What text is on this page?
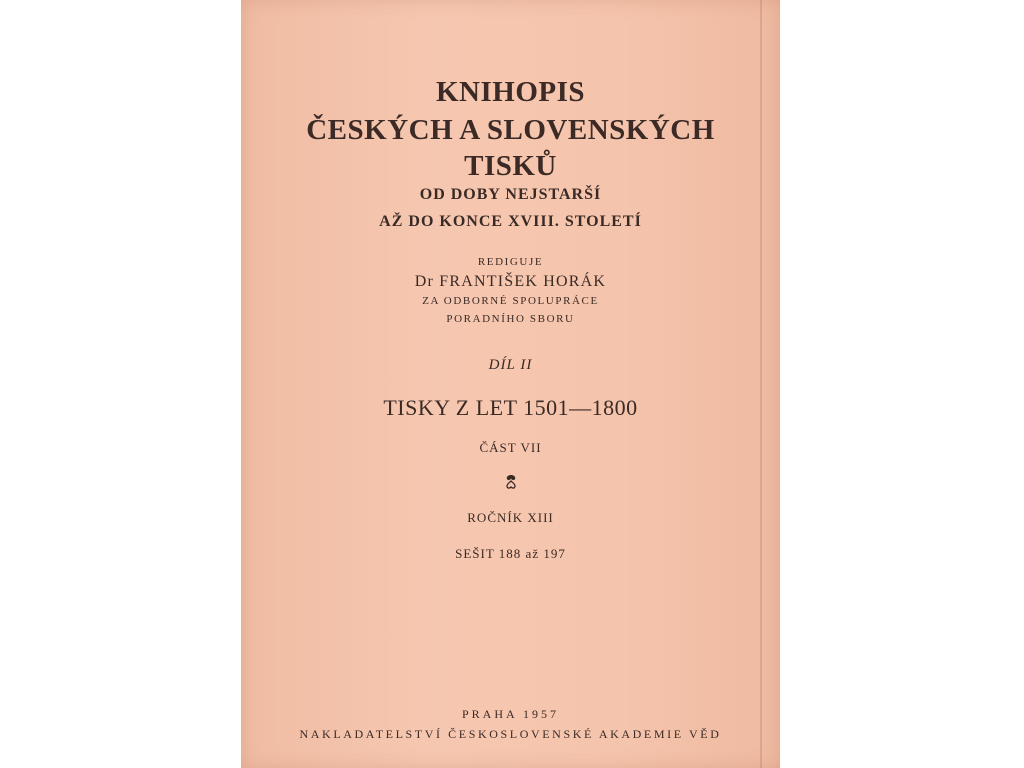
KNIHOPIS

ČESKÝCH A SLOVENSKÝCH

TISKŮ

OD DOBY NEJSTARŠÍ

AŽ DO KONCE XVIII. STOLETÍ

REDIGUJE

Dr FRANTIŠEK HORÁK

ZA ODBORNÉ SPOLUPRÁCE

PORADNÍHO SBORU

DÍL II

TISKY Z LET 1501—1800

ČÁST VII

ROČNÍK XIII

SEŠIT 188 až 197

PRAHA 1957

NAKLADATELSTVÍ ČESKOSLOVENSKÉ AKADEMIE VĚD
